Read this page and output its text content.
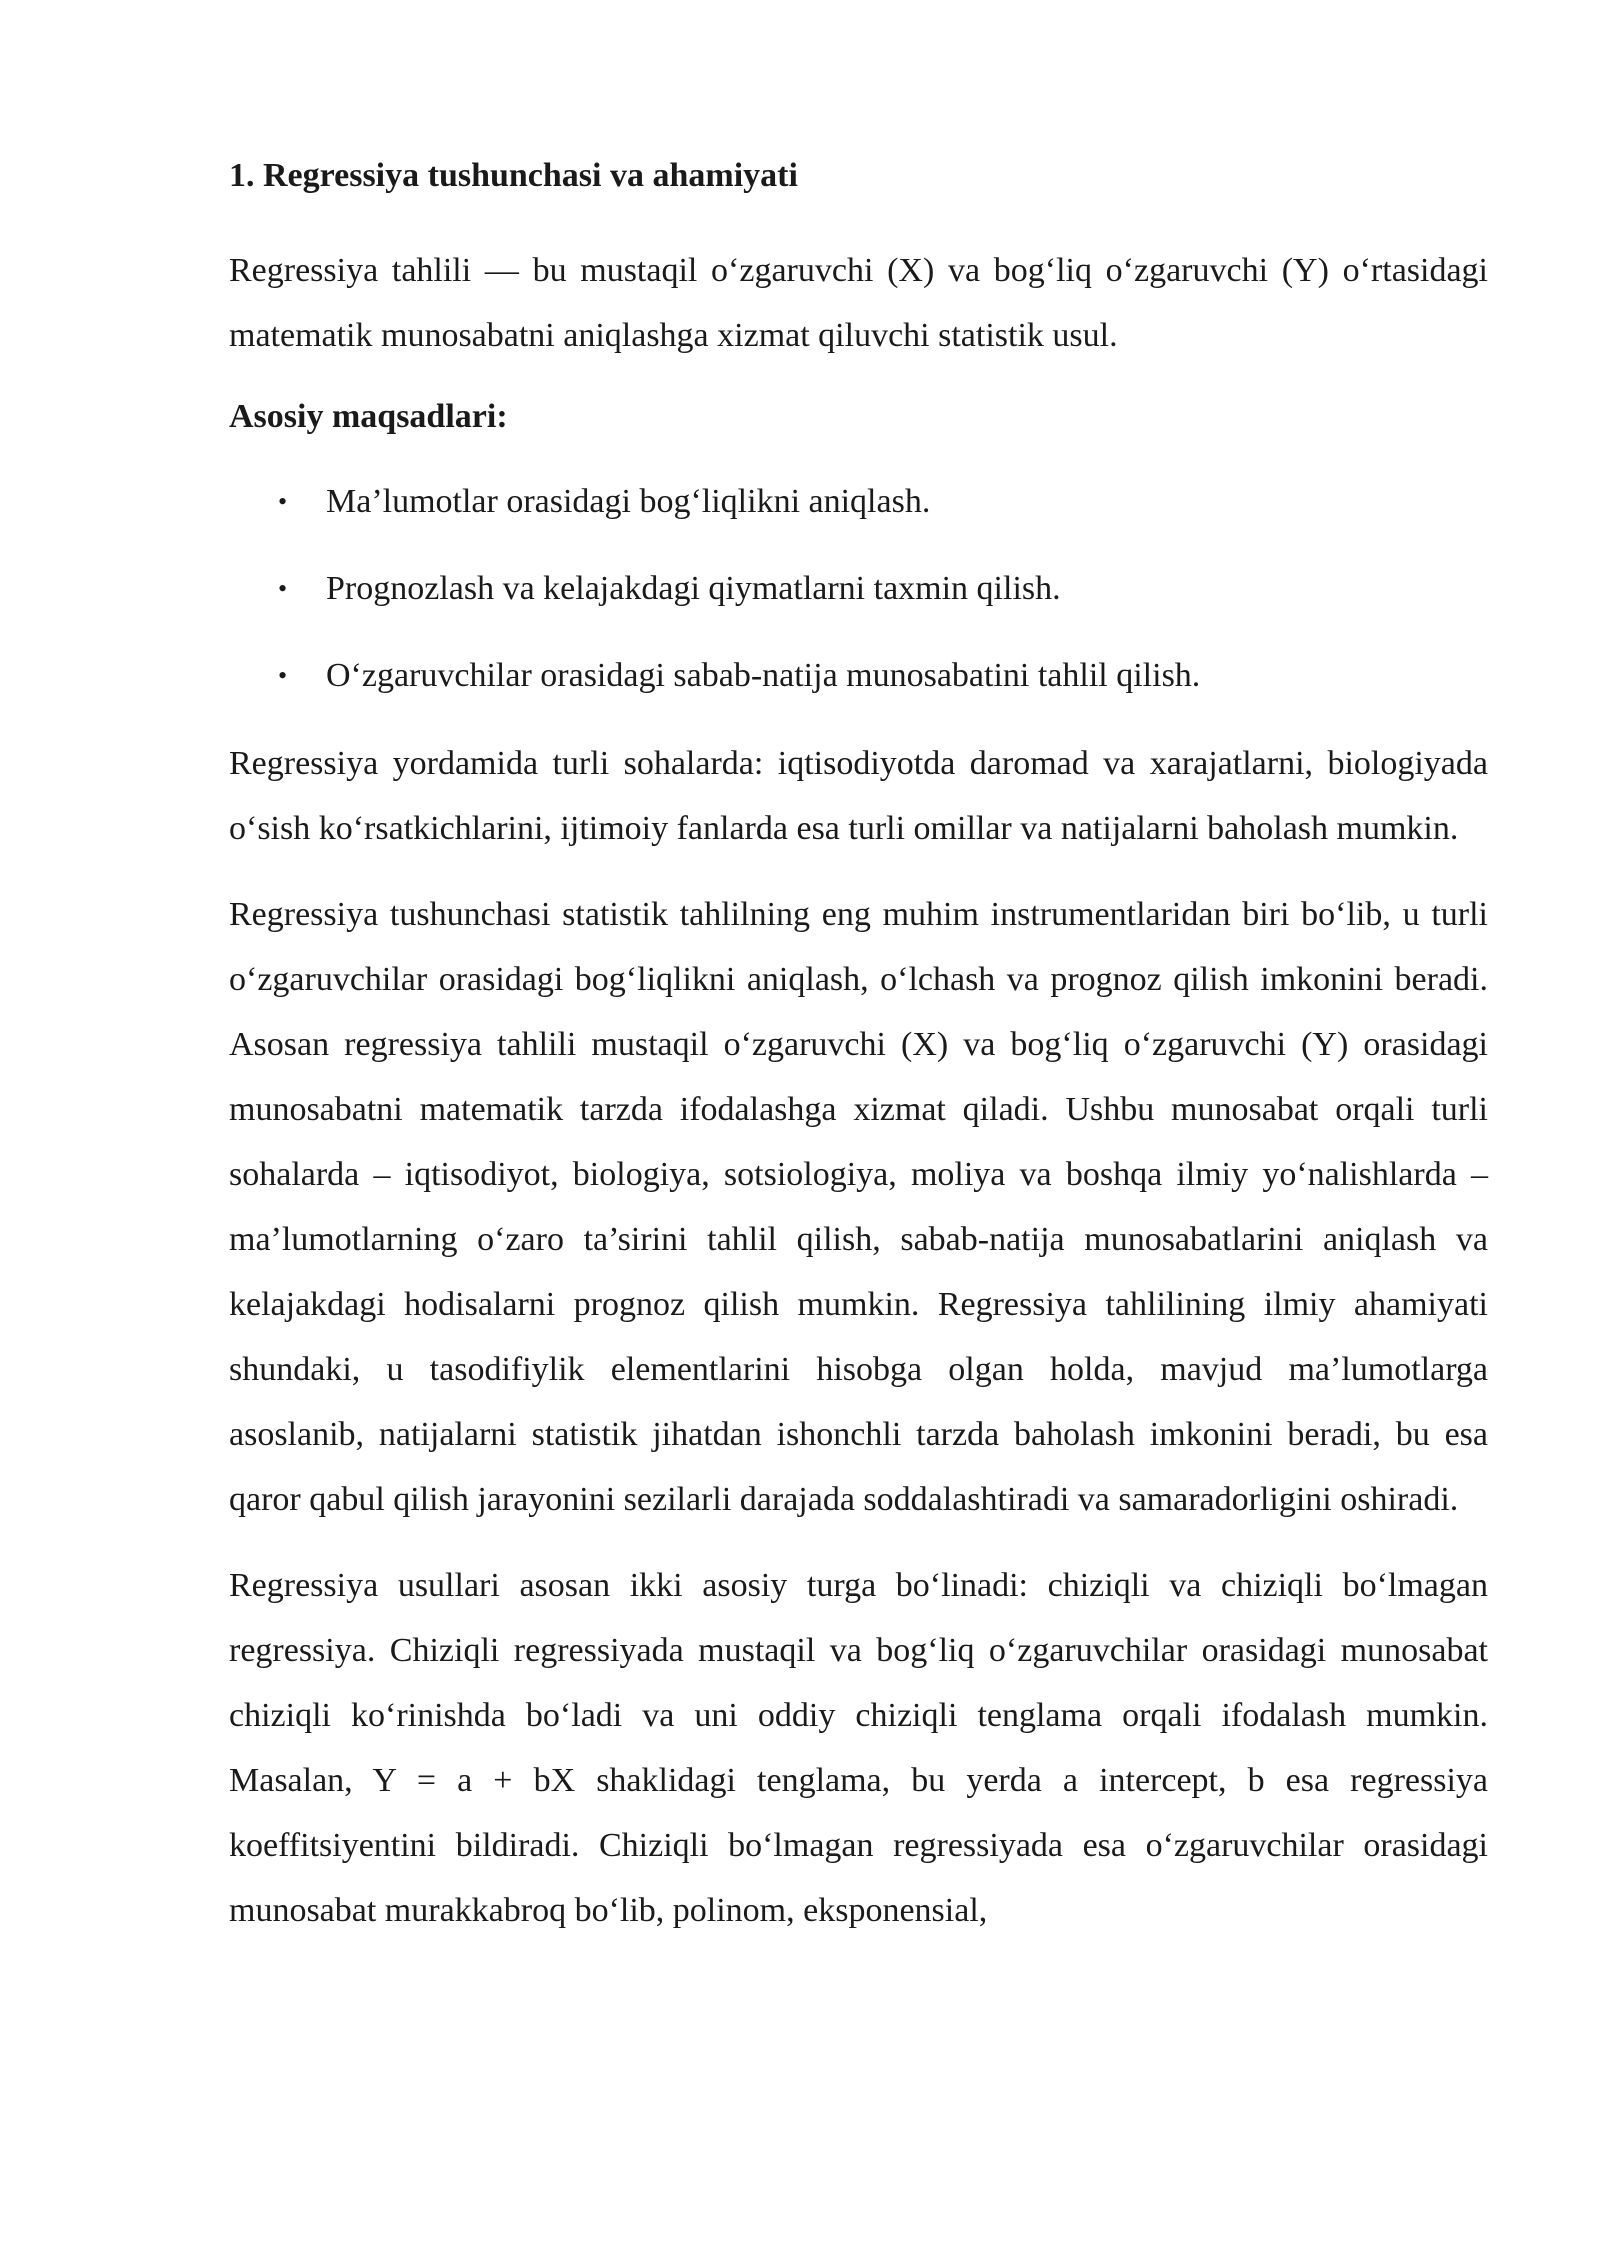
1. Regressiya tushunchasi va ahamiyati

Regressiya tahlili — bu mustaqil o‘zgaruvchi (X) va bog‘liq o‘zgaruvchi (Y) o‘rtasidagi matematik munosabatni aniqlashga xizmat qiluvchi statistik usul.

Asosiy maqsadlari:
• Ma’lumotlar orasidagi bog‘liqlikni aniqlash.
• Prognozlash va kelajakdagi qiymatlarni taxmin qilish.
• O‘zgaruvchilar orasidagi sabab-natija munosabatini tahlil qilish.

Regressiya yordamida turli sohalarda: iqtisodiyotda daromad va xarajatlarni, biologiyada o‘sish ko‘rsatkichlarini, ijtimoiy fanlarda esa turli omillar va natijalarni baholash mumkin.

Regressiya tushunchasi statistik tahlilning eng muhim instrumentlaridan biri bo‘lib, u turli o‘zgaruvchilar orasidagi bog‘liqlikni aniqlash, o‘lchash va prognoz qilish imkonini beradi. Asosan regressiya tahlili mustaqil o‘zgaruvchi (X) va bog‘liq o‘zgaruvchi (Y) orasidagi munosabatni matematik tarzda ifodalashga xizmat qiladi. Ushbu munosabat orqali turli sohalarda – iqtisodiyot, biologiya, sotsiologiya, moliya va boshqa ilmiy yo‘nalishlarda – ma’lumotlarning o‘zaro ta’sirini tahlil qilish, sabab-natija munosabatlarini aniqlash va kelajakdagi hodisalarni prognoz qilish mumkin. Regressiya tahlilining ilmiy ahamiyati shundaki, u tasodifiylik elementlarini hisobga olgan holda, mavjud ma’lumotlarga asoslanib, natijalarni statistik jihatdan ishonchli tarzda baholash imkonini beradi, bu esa qaror qabul qilish jarayonini sezilarli darajada soddalashtiradi va samaradorligini oshiradi.

Regressiya usullari asosan ikki asosiy turga bo‘linadi: chiziqli va chiziqli bo‘lmagan regressiya. Chiziqli regressiyada mustaqil va bog‘liq o‘zgaruvchilar orasidagi munosabat chiziqli ko‘rinishda bo‘ladi va uni oddiy chiziqli tenglama orqali ifodalash mumkin. Masalan, Y = a + bX shaklidagi tenglama, bu yerda a intercept, b esa regressiya koeffitsiyentini bildiradi. Chiziqli bo‘lmagan regressiyada esa o‘zgaruvchilar orasidagi munosabat murakkabroq bo‘lib, polinom, eksponensial,
